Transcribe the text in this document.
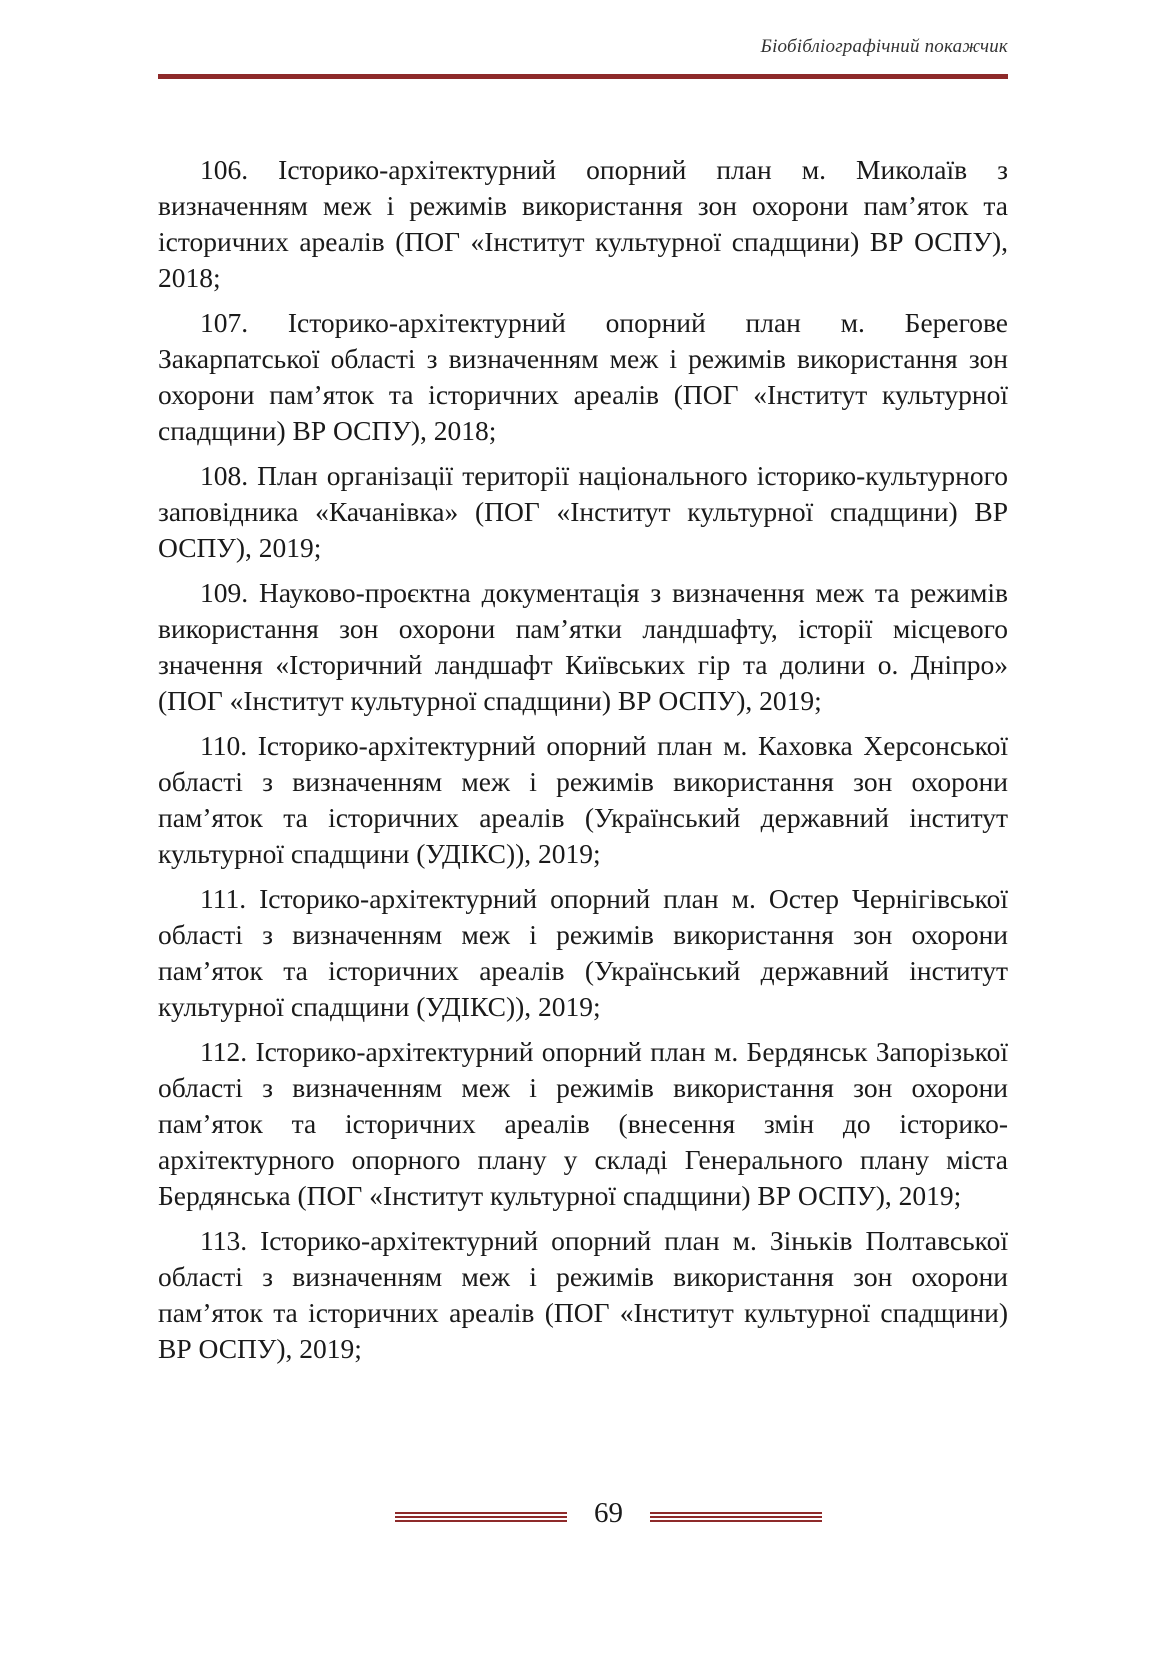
Біобібліографічний покажчик

106. Історико-архітектурний опорний план м. Миколаїв з визначенням меж і режимів використання зон охорони пам’яток та історичних ареалів (ПОГ «Інститут культурної спадщини) ВР ОСПУ), 2018;

107. Історико-архітектурний опорний план м. Берегове Закарпатської області з визначенням меж і режимів використання зон охорони пам’яток та історичних ареалів (ПОГ «Інститут культурної спадщини) ВР ОСПУ), 2018;

108. План організації території національного історико-культурного заповідника «Качанівка» (ПОГ «Інститут культурної спадщини) ВР ОСПУ), 2019;

109. Науково-проєктна документація з визначення меж та режимів використання зон охорони пам’ятки ландшафту, історії місцевого значення «Історичний ландшафт Київських гір та долини о. Дніпро» (ПОГ «Інститут культурної спадщини) ВР ОСПУ), 2019;

110. Історико-архітектурний опорний план м. Каховка Херсонської області з визначенням меж і режимів використання зон охорони пам’яток та історичних ареалів (Український державний інститут культурної спадщини (УДІКС)), 2019;

111. Історико-архітектурний опорний план м. Остер Чернігівської області з визначенням меж і режимів використання зон охорони пам’яток та історичних ареалів (Український державний інститут культурної спадщини (УДІКС)), 2019;

112. Історико-архітектурний опорний план м. Бердянськ Запорізької області з визначенням меж і режимів використання зон охорони пам’яток та історичних ареалів (внесення змін до історико-архітектурного опорного плану у складі Генерального плану міста Бердянська (ПОГ «Інститут культурної спадщини) ВР ОСПУ), 2019;

113. Історико-архітектурний опорний план м. Зіньків Полтавської області з визначенням меж і режимів використання зон охорони пам’яток та історичних ареалів (ПОГ «Інститут культурної спадщини) ВР ОСПУ), 2019;

69
